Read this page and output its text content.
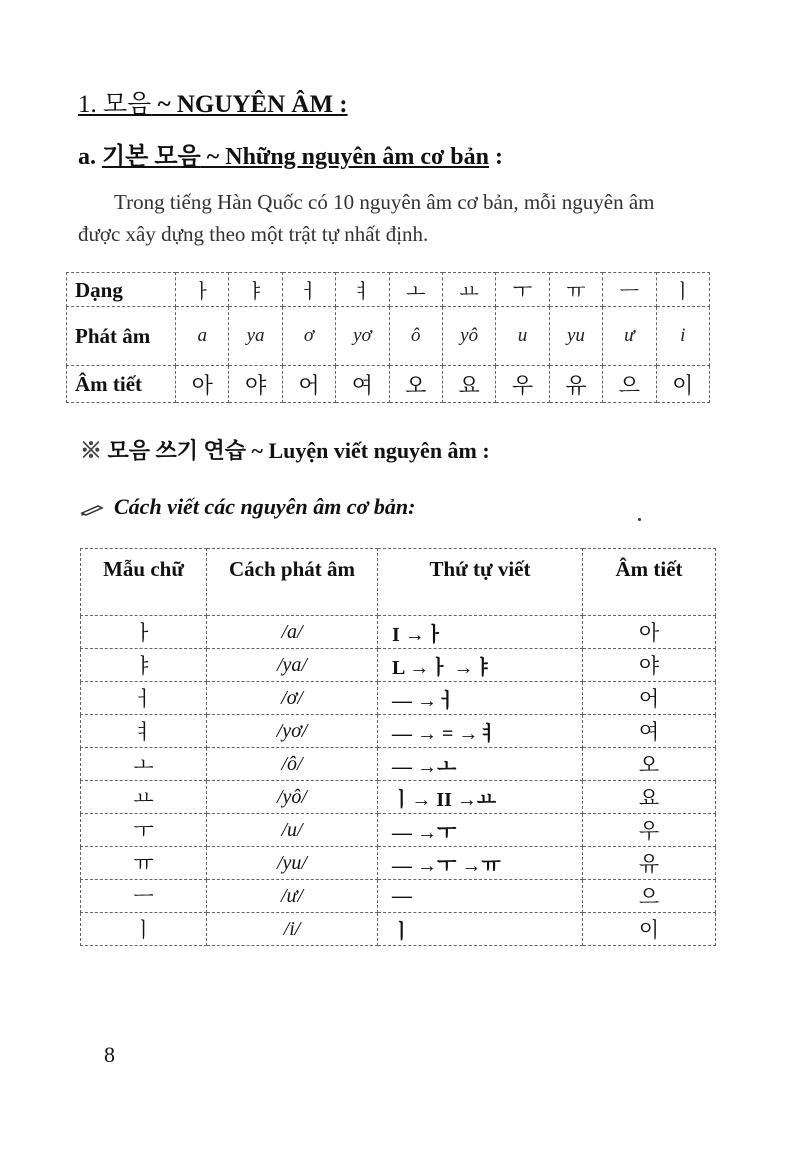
1. 모음 ~ NGUYÊN ÂM :
a. 기본 모음 ~ Những nguyên âm cơ bản :

Trong tiếng Hàn Quốc có 10 nguyên âm cơ bản, mỗi nguyên âm được xây dựng theo một trật tự nhất định.

Dạng	ㅏ	ㅑ	ㅓ	ㅕ	ㅗ	ㅛ	ㅜ	ㅠ	ㅡ	ㅣ
Phát âm	a	ya	ơ	yơ	ô	yô	u	yu	ư	i
Âm tiết	아	야	어	여	오	요	우	유	으	이
※ 모음 쓰기 연습 ~ Luyện viết nguyên âm :

Cách viết các nguyên âm cơ bản:

Mẫu chữ	Cách phát âm	Thứ tự viết	Âm tiết
ㅏ	/a/	I →ㅏ	아
ㅑ	/ya/	L →ㅏ →ㅑ	야
ㅓ	/ơ/	–– →ㅓ	어
ㅕ	/yơ/	–– → = →ㅕ	여
ㅗ	/ô/	–– →ㅗ	오
ㅛ	/yô/	ㅣ→ II →ㅛ	요
ㅜ	/u/	–– →ㅜ	우
ㅠ	/yu/	–– →ㅜ →ㅠ	유
ㅡ	/ư/	—	으
ㅣ	/i/	ㅣ	이

8
